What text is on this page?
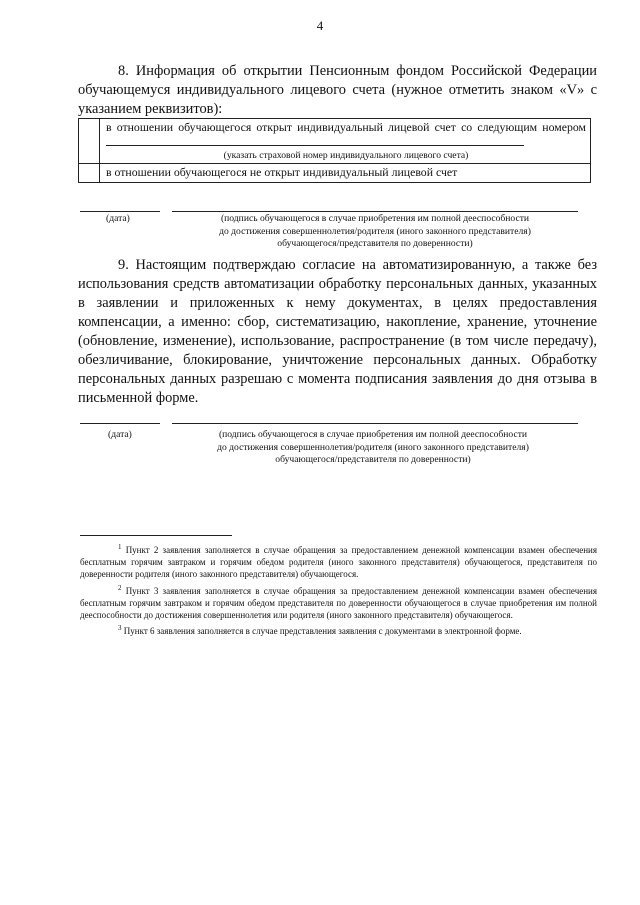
4
8. Информация об открытии Пенсионным фондом Российской Федерации обучающемуся индивидуального лицевого счета (нужное отметить знаком «V» с указанием реквизитов):

	в отношении обучающегося открыт индивидуальный лицевой счет со следующим номером
(указать страховой номер индивидуального лицевого счета)

	в отношении обучающегося не открыт индивидуальный лицевой счет
(дата)	(подпись обучающегося в случае приобретения им полной дееспособности
до достижения совершеннолетия/родителя (иного законного представителя)
обучающегося/представителя по доверенности)
9. Настоящим подтверждаю согласие на автоматизированную, а также без использования средств автоматизации обработку персональных данных, указанных в заявлении и приложенных к нему документах, в целях предоставления компенсации, а именно: сбор, систематизацию, накопление, хранение, уточнение (обновление, изменение), использование, распространение (в том числе передачу), обезличивание, блокирование, уничтожение персональных данных. Обработку персональных данных разрешаю с момента подписания заявления до дня отзыва в письменной форме.
(дата)	(подпись обучающегося в случае приобретения им полной дееспособности
до достижения совершеннолетия/родителя (иного законного представителя)
обучающегося/представителя по доверенности)
$^1$ Пункт 2 заявления заполняется в случае обращения за предоставлением денежной компенсации взамен обеспечения бесплатным горячим завтраком и горячим обедом родителя (иного законного представителя) обучающегося, представителя по доверенности родителя (иного законного представителя) обучающегося.
$^2$ Пункт 3 заявления заполняется в случае обращения за предоставлением денежной компенсации взамен обеспечения бесплатным горячим завтраком и горячим обедом представителя по доверенности обучающегося в случае приобретения им полной дееспособности до достижения совершеннолетия или родителя (иного законного представителя) обучающегося.
$^3$ Пункт 6 заявления заполняется в случае представления заявления с документами в электронной форме.
